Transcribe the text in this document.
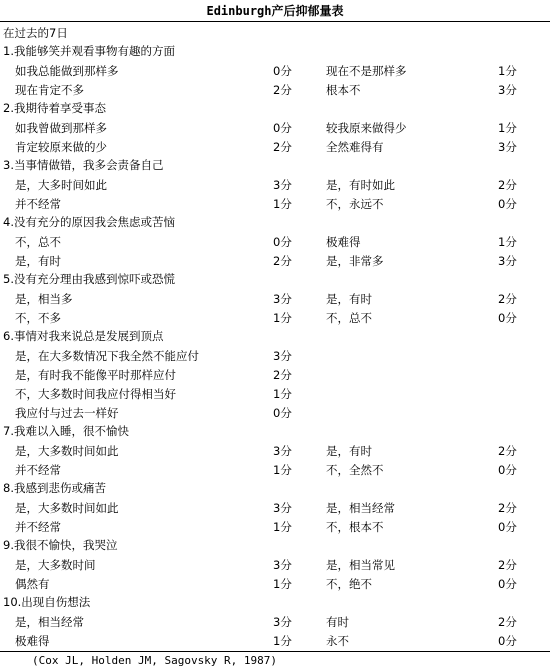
Edinburgh产后抑郁量表
在过去的7日
1.我能够笑并观看事物有趣的方面
如我总能做到那样多	0分	现在不是那样多	1分
现在肯定不多	2分	根本不	3分
2.我期待着享受事态
如我曾做到那样多	0分	较我原来做得少	1分
肯定较原来做的少	2分	全然难得有	3分
3.当事情做错，我多会责备自己
是，大多时间如此	3分	是，有时如此	2分
并不经常	1分	不，永远不	0分
4.没有充分的原因我会焦虑或苦恼
不，总不	0分	极难得	1分
是，有时	2分	是，非常多	3分
5.没有充分理由我感到惊吓或恐慌
是，相当多	3分	是，有时	2分
不，不多	1分	不，总不	0分
6.事情对我来说总是发展到顶点
是，在大多数情况下我全然不能应付	3分
是，有时我不能像平时那样应付	2分
不，大多数时间我应付得相当好	1分
我应付与过去一样好	0分
7.我难以入睡，很不愉快
是，大多数时间如此	3分	是，有时	2分
并不经常	1分	不，全然不	0分
8.我感到悲伤或痛苦
是，大多数时间如此	3分	是，相当经常	2分
并不经常	1分	不，根本不	0分
9.我很不愉快，我哭泣
是，大多数时间	3分	是，相当常见	2分
偶然有	1分	不，绝不	0分
10.出现自伤想法
是，相当经常	3分	有时	2分
极难得	1分	永不	0分
(Cox JL, Holden JM, Sagovsky R, 1987)
